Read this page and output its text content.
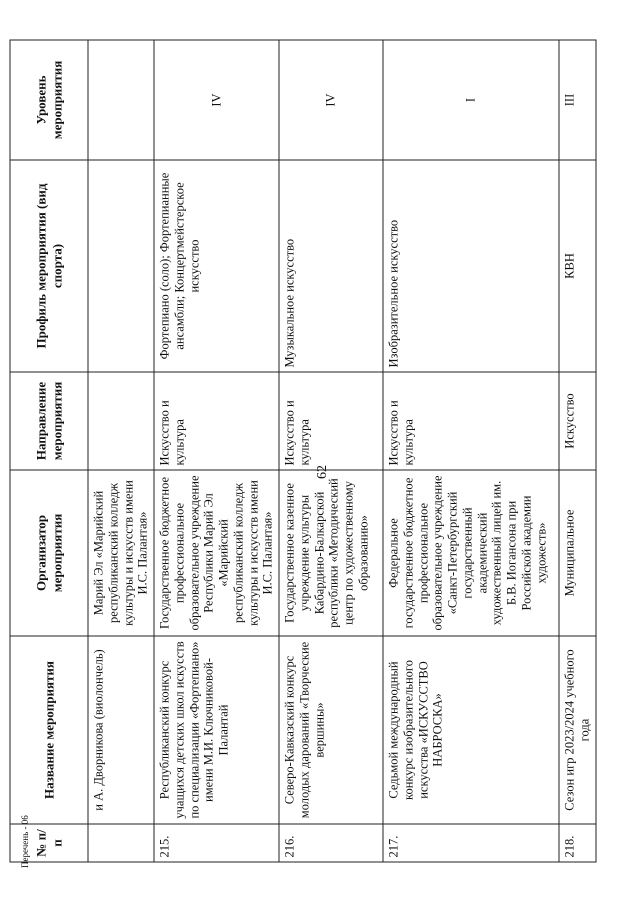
62
№ п/п	Название мероприятия	Организатор мероприятия	Направление мероприятия	Профиль мероприятия (вид спорта)	Уровень мероприятия
	и А. Дворникова (виолончель)	Марий Эл «Марийский республиканский колледж культуры и искусств имени И.С. Палантая»			
215.	Республиканский конкурс учащихся детских школ искусств по специализации «Фортепиано» имени М.И. Ключниковой-Палантай	Государственное бюджетное профессиональное образовательное учреждение Республики Марий Эл «Марийский республиканский колледж культуры и искусств имени И.С. Палантая»	Искусство и культура	Фортепиано (соло); Фортепианные ансамбли; Концертмейстерское искусство	IV
216.	Северо-Кавказский конкурс молодых дарований «Творческие вершины»	Государственное казенное учреждение культуры Кабардино-Балкарской республики «Методический центр по художественному образованию»	Искусство и культура	Музыкальное искусство	IV
217.	Седьмой международный конкурс изобразительного искусства «ИСКУССТВО НАБРОСКА»	Федеральное государственное бюджетное профессиональное образовательное учреждение «Санкт-Петербургский государственный академический художественный лицей им. Б.В. Иогансона при Российской академии художеств»	Искусство и культура	Изобразительное искусство	I
218.	Сезон игр 2023/2024 учебного года	Муниципальное	Искусство	КВН	III
Перечень - 06
